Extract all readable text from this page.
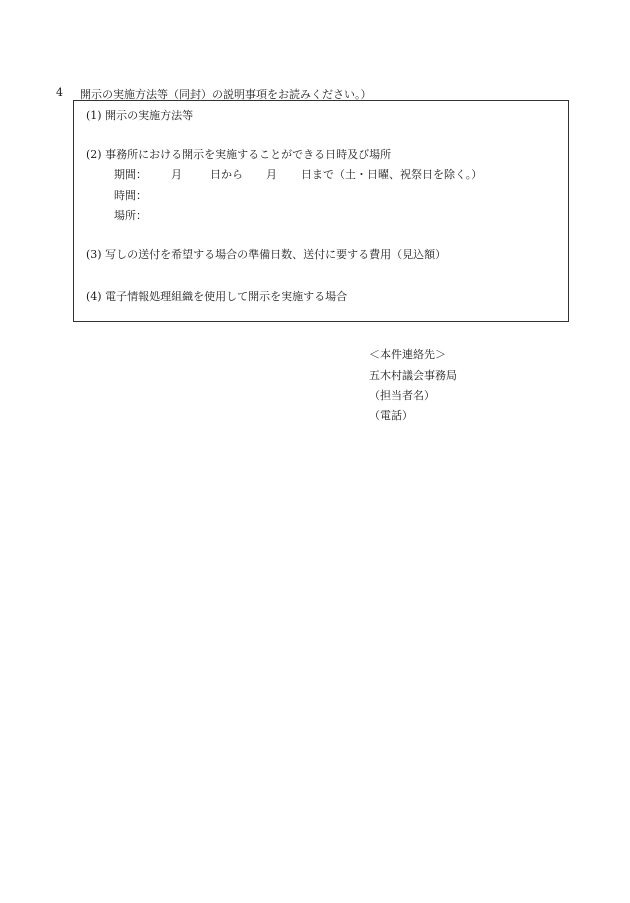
4 開示の実施方法等（同封）の説明事項をお読みください。）
(1) 開示の実施方法等
(2) 事務所における開示を実施することができる日時及び場所
期間： 月	日から 月 日まで（土・日曜、祝祭日を除く。）
時間：
場所：
(3) 写しの送付を希望する場合の準備日数、送付に要する費用（見込額）
(4) 電子情報処理組織を使用して開示を実施する場合
＜本件連絡先＞
五木村議会事務局
（担当者名）
（電話）
